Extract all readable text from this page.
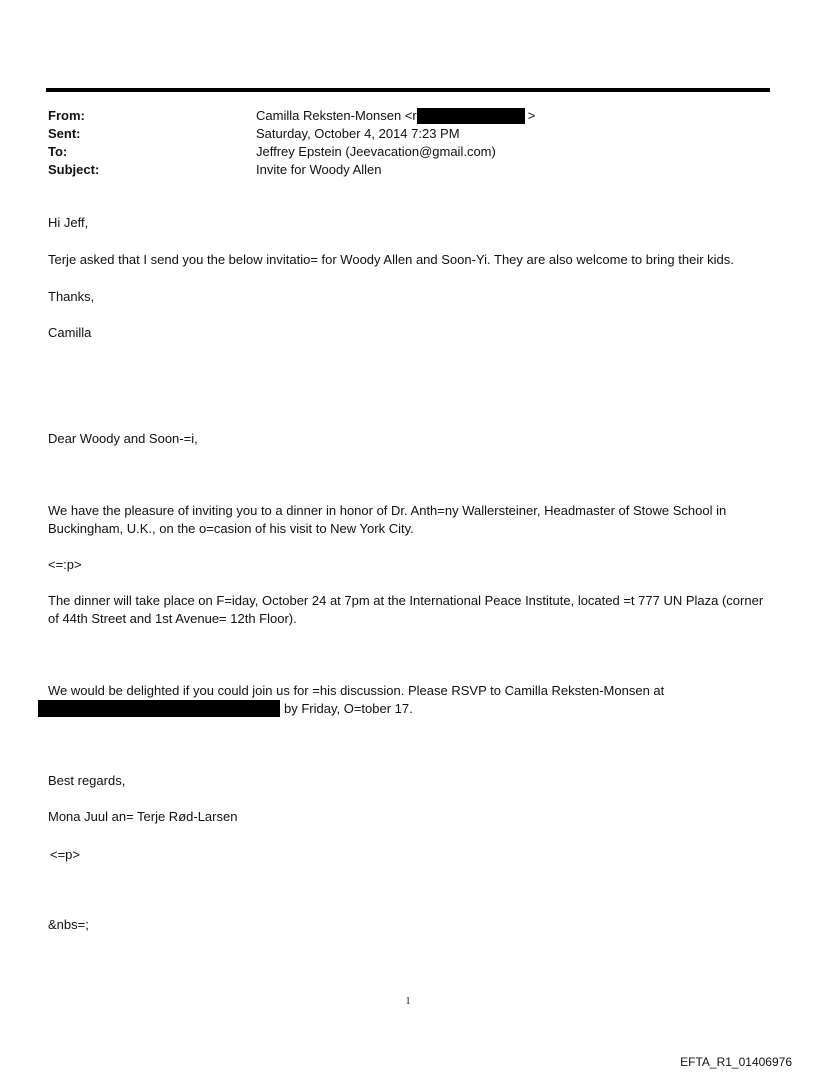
From:	Camilla Reksten-Monsen <r	>
Sent:	Saturday, October 4, 2014 7:23 PM
To:	Jeffrey Epstein (Jeevacation@gmail.com)
Subject:	Invite for Woody Allen
Hi Jeff,
Terje asked that I send you the below invitatio= for Woody Allen and Soon-Yi. They are also welcome to bring their kids.
Thanks,
Camilla
Dear Woody and Soon-=i,
We have the pleasure of inviting you to a dinner in honor of Dr. Anth=ny Wallersteiner, Headmaster of Stowe School in Buckingham, U.K., on the o=casion of his visit to New York City.
<=:p>
The dinner will take place on F=iday, October 24 at 7pm at the International Peace Institute, located =t 777 UN Plaza (corner of 44th Street and 1st Avenue= 12th Floor).
We would be delighted if you could join us for =his discussion. Please RSVP to Camilla Reksten-Monsen at
by Friday, O=tober 17.
Best regards,
Mona Juul an= Terje Rød-Larsen
<=p>
&nbs=;
1
EFTA_R1_01406976
